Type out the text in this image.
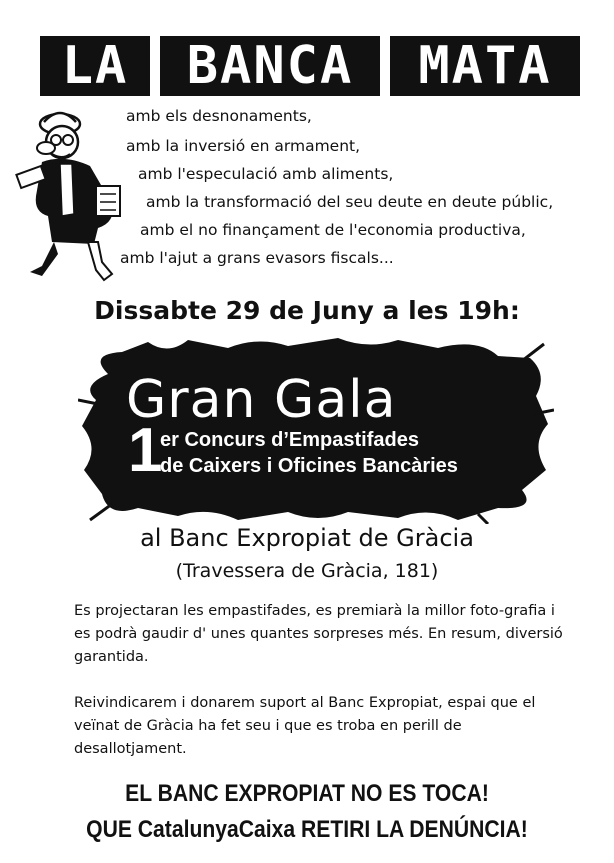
LA	BANCA	MATA
amb els desnonaments,
amb la inversió en armament,
amb l'especulació amb aliments,
amb la transformació del seu deute en deute públic,
amb el no finançament de l'economia productiva,
amb l'ajut a grans evasors fiscals...
Dissabte 29 de Juny a les 19h:
Gran Gala
1
er Concurs d’Empastifades
de Caixers i Oficines Bancàries
al Banc Expropiat de Gràcia
(Travessera de Gràcia, 181)
Es projectaran les empastifades, es premiarà la millor foto-grafia i es podrà gaudir d' unes quantes sorpreses més. En resum, diversió garantida.
Reivindicarem i donarem suport al Banc Expropiat, espai que el veïnat de Gràcia ha fet seu i que es troba en perill de desallotjament.
EL BANC EXPROPIAT NO ES TOCA!
QUE CatalunyaCaixa RETIRI LA DENÚNCIA!
